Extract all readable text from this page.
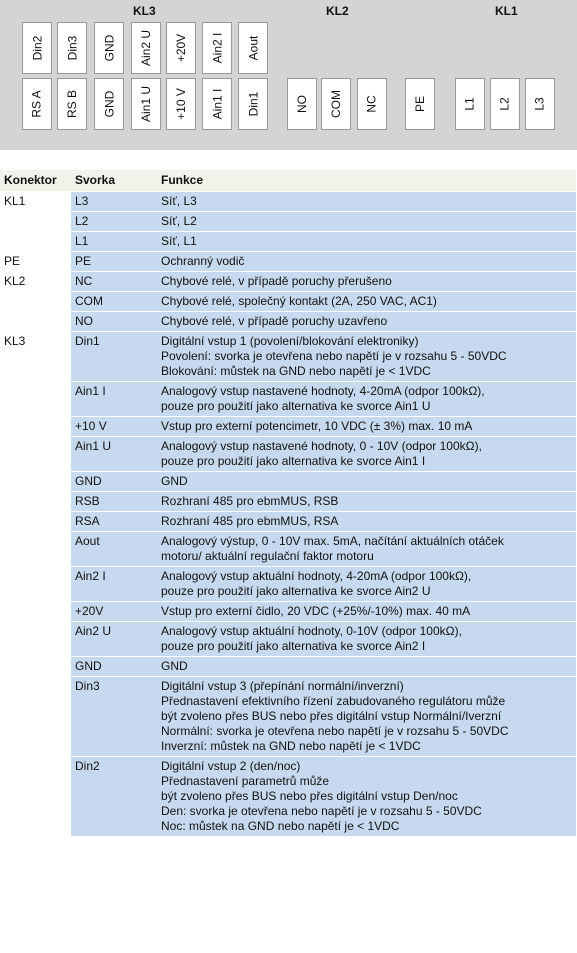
KL3	KL2	KL1
Din2 Din3 GND Ain2 U +20V Ain2 I Aout
RS A RS B GND Ain1 U +10 V Ain1 I Din1	NO COM NC	PE	L1 L2 L3
Konektor	Svorka	Funkce
KL1	L3	Síť, L3

	L2	Síť, L2

	L1	Síť, L1

PE	PE	Ochranný vodič

KL2	NC	Chybové relé, v případě poruchy přerušeno

	COM	Chybové relé, společný kontakt (2A, 250 VAC, AC1)

	NO	Chybové relé, v případě poruchy uzavřeno

KL3	Din1	Digitální vstup 1 (povolení/blokování elektroniky)
Povolení: svorka je otevřena nebo napětí je v rozsahu 5 - 50VDC
Blokování: můstek na GND nebo napětí je < 1VDC

	Ain1 I	Analogový vstup nastavené hodnoty, 4-20mA (odpor 100kΩ),
pouze pro použití jako alternativa ke svorce Ain1 U

	+10 V	Vstup pro externí potencimetr, 10 VDC (± 3%) max. 10 mA

	Ain1 U	Analogový vstup nastavené hodnoty, 0 - 10V (odpor 100kΩ),
pouze pro použití jako alternativa ke svorce Ain1 I

	GND	GND

	RSB	Rozhraní 485 pro ebmMUS, RSB

	RSA	Rozhraní 485 pro ebmMUS, RSA

	Aout	Analogový výstup, 0 - 10V max. 5mA, načítání aktuálních otáček
motoru/ aktuální regulační faktor motoru

	Ain2 I	Analogový vstup aktuální hodnoty, 4-20mA (odpor 100kΩ),
pouze pro použití jako alternativa ke svorce Ain2 U

	+20V	Vstup pro externí čidlo, 20 VDC (+25%/-10%) max. 40 mA

	Ain2 U	Analogový vstup aktuální hodnoty, 0-10V (odpor 100kΩ),
pouze pro použití jako alternativa ke svorce Ain2 I

	GND	GND

	Din3	Digitální vstup 3 (přepínání normální/inverzní)
Přednastavení efektivního řízení zabudovaného regulátoru může
být zvoleno přes BUS nebo přes digitální vstup Normální/Iverzní
Normální: svorka je otevřena nebo napětí je v rozsahu 5 - 50VDC
Inverzní: můstek na GND nebo napětí je < 1VDC

	Din2	Digitální vstup 2 (den/noc)
Přednastavení parametrů může
být zvoleno přes BUS nebo přes digitální vstup Den/noc
Den: svorka je otevřena nebo napětí je v rozsahu 5 - 50VDC
Noc: můstek na GND nebo napětí je < 1VDC
